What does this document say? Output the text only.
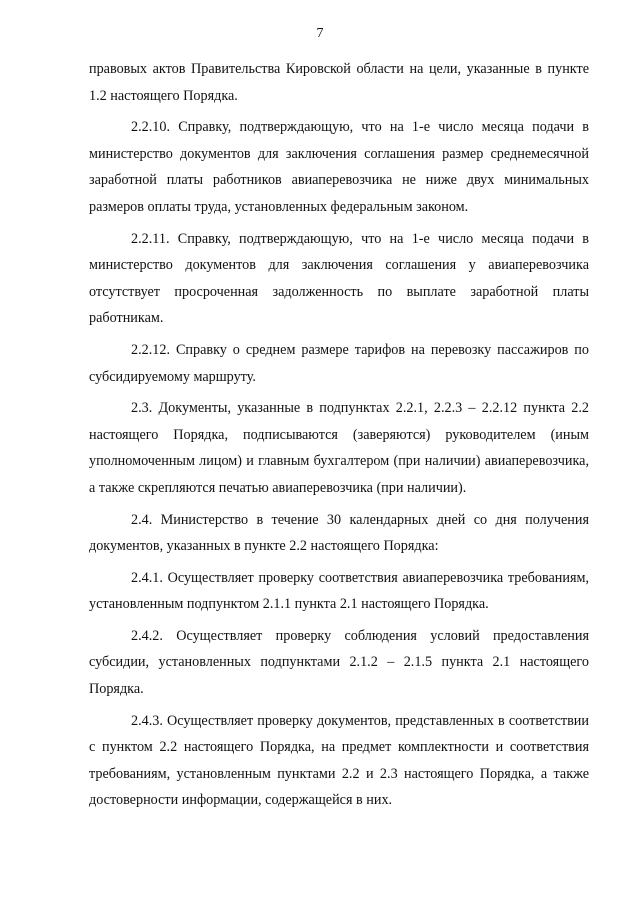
7

правовых актов Правительства Кировской области на цели, указанные в пункте 1.2 настоящего Порядка.

2.2.10. Справку, подтверждающую, что на 1-е число месяца подачи в министерство документов для заключения соглашения размер среднемесячной заработной платы работников авиаперевозчика не ниже двух минимальных размеров оплаты труда, установленных федеральным законом.

2.2.11. Справку, подтверждающую, что на 1-е число месяца подачи в министерство документов для заключения соглашения у авиаперевозчика отсутствует просроченная задолженность по выплате заработной платы работникам.

2.2.12. Справку о среднем размере тарифов на перевозку пассажиров по субсидируемому маршруту.

2.3. Документы, указанные в подпунктах 2.2.1, 2.2.3 – 2.2.12 пункта 2.2 настоящего Порядка, подписываются (заверяются) руководителем (иным уполномоченным лицом) и главным бухгалтером (при наличии) авиаперевозчика, а также скрепляются печатью авиаперевозчика (при наличии).

2.4. Министерство в течение 30 календарных дней со дня получения документов, указанных в пункте 2.2 настоящего Порядка:

2.4.1. Осуществляет проверку соответствия авиаперевозчика требованиям, установленным подпунктом 2.1.1 пункта 2.1 настоящего Порядка.

2.4.2. Осуществляет проверку соблюдения условий предоставления субсидии, установленных подпунктами 2.1.2 – 2.1.5 пункта 2.1 настоящего Порядка.

2.4.3. Осуществляет проверку документов, представленных в соответствии с пунктом 2.2 настоящего Порядка, на предмет комплектности и соответствия требованиям, установленным пунктами 2.2 и 2.3 настоящего Порядка, а также достоверности информации, содержащейся в них.
